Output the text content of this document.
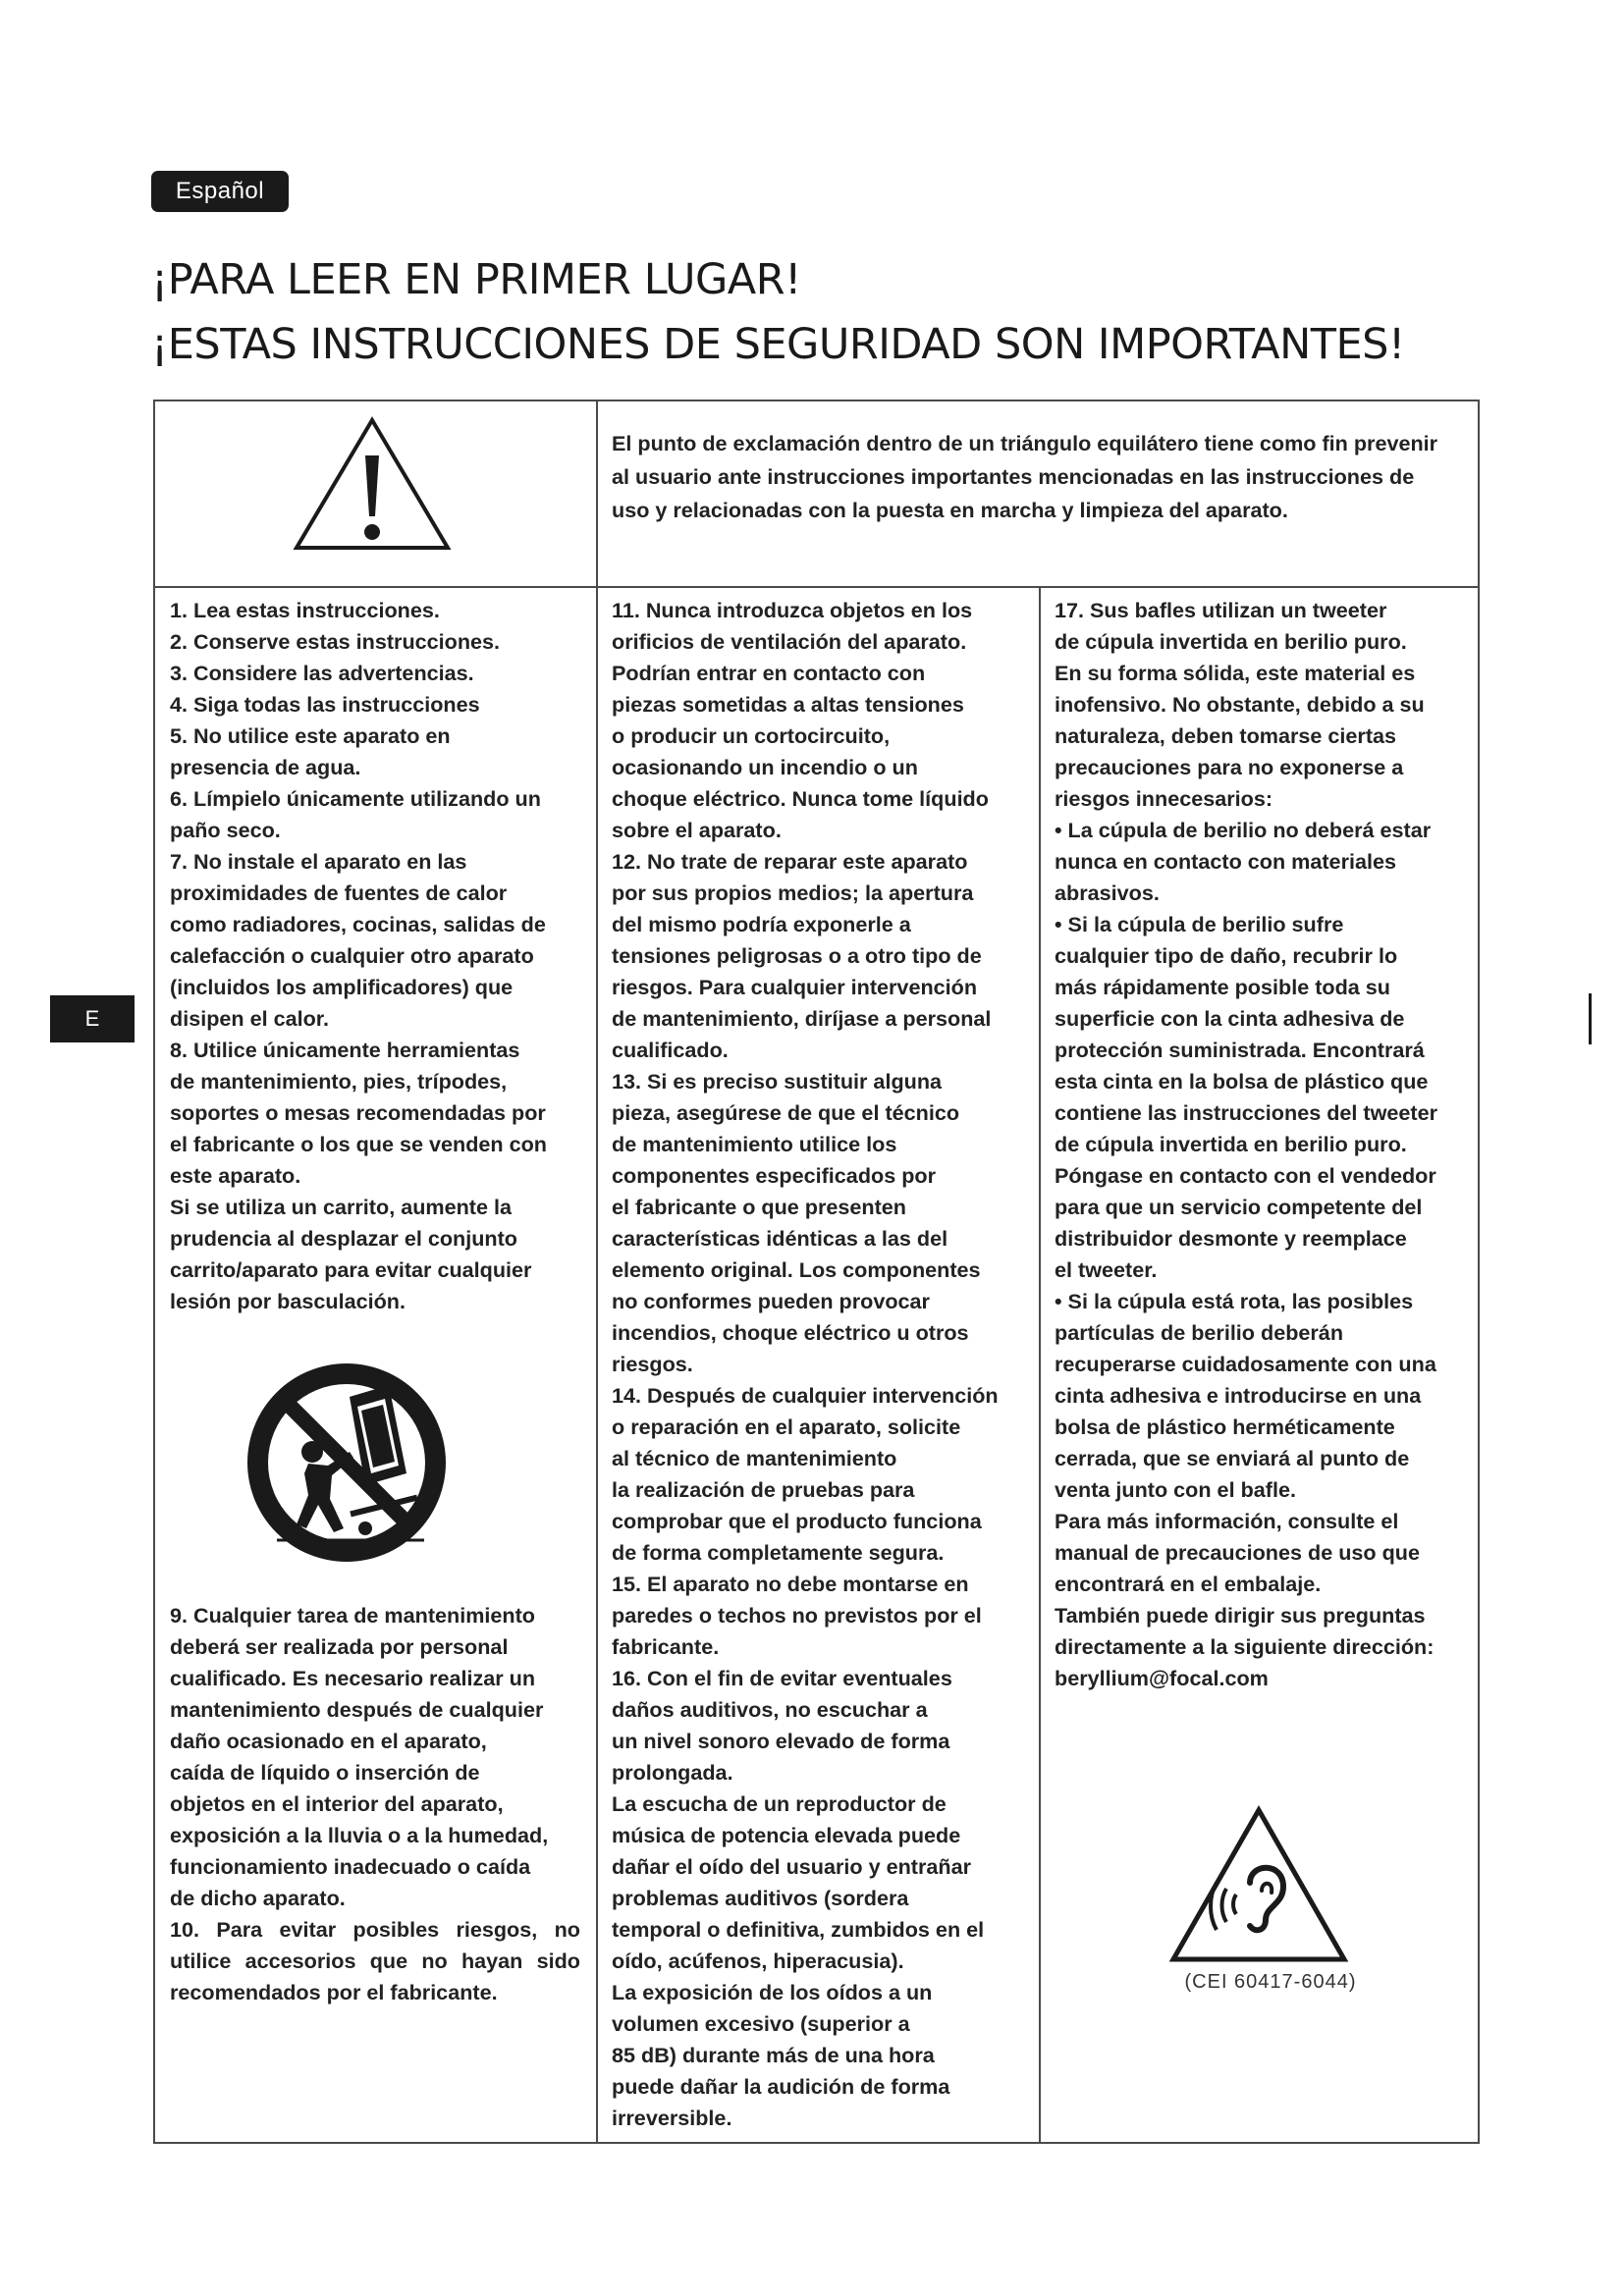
Español
¡PARA LEER EN PRIMER LUGAR!
¡ESTAS INSTRUCCIONES DE SEGURIDAD SON IMPORTANTES!
E
El punto de exclamación dentro de un triángulo equilátero tiene como fin prevenir al usuario ante instrucciones importantes mencionadas en las instrucciones de uso y relacionadas con la puesta en marcha y limpieza del aparato.

1. Lea estas instrucciones.

2. Conserve estas instrucciones.

3. Considere las advertencias.

4. Siga todas las instrucciones

5. No utilice este aparato en

presencia de agua.

6. Límpielo únicamente utilizando un

paño seco.

7. No instale el aparato en las

proximidades de fuentes de calor

como radiadores, cocinas, salidas de

calefacción o cualquier otro aparato

(incluidos los amplificadores) que

disipen el calor.

8. Utilice únicamente herramientas

de mantenimiento, pies, trípodes,

soportes o mesas recomendadas por

el fabricante o los que se venden con

este aparato.

Si se utiliza un carrito, aumente la

prudencia al desplazar el conjunto

carrito/aparato para evitar cualquier

lesión por basculación.

9. Cualquier tarea de mantenimiento

deberá ser realizada por personal

cualificado. Es necesario realizar un

mantenimiento después de cualquier

daño ocasionado en el aparato,

caída de líquido o inserción de

objetos en el interior del aparato,

exposición a la lluvia o a la humedad,

funcionamiento inadecuado o caída

de dicho aparato.

10. Para evitar posibles riesgos, no

utilice accesorios que no hayan sido

recomendados por el fabricante.

11. Nunca introduzca objetos en los

orificios de ventilación del aparato.

Podrían entrar en contacto con

piezas sometidas a altas tensiones

o producir un cortocircuito,

ocasionando un incendio o un

choque eléctrico. Nunca tome líquido

sobre el aparato.

12. No trate de reparar este aparato

por sus propios medios; la apertura

del mismo podría exponerle a

tensiones peligrosas o a otro tipo de

riesgos. Para cualquier intervención

de mantenimiento, diríjase a personal

cualificado.

13. Si es preciso sustituir alguna

pieza, asegúrese de que el técnico

de mantenimiento utilice los

componentes especificados por

el fabricante o que presenten

características idénticas a las del

elemento original. Los componentes

no conformes pueden provocar

incendios, choque eléctrico u otros

riesgos.

14. Después de cualquier intervención

o reparación en el aparato, solicite

al técnico de mantenimiento

la realización de pruebas para

comprobar que el producto funciona

de forma completamente segura.

15. El aparato no debe montarse en

paredes o techos no previstos por el

fabricante.

16. Con el fin de evitar eventuales

daños auditivos, no escuchar a

un nivel sonoro elevado de forma

prolongada.

La escucha de un reproductor de

música de potencia elevada puede

dañar el oído del usuario y entrañar

problemas auditivos (sordera

temporal o definitiva, zumbidos en el

oído, acúfenos, hiperacusia).

La exposición de los oídos a un

volumen excesivo (superior a

85 dB) durante más de una hora

puede dañar la audición de forma

irreversible.

17. Sus bafles utilizan un tweeter

de cúpula invertida en berilio puro.

En su forma sólida, este material es

inofensivo. No obstante, debido a su

naturaleza, deben tomarse ciertas

precauciones para no exponerse a

riesgos innecesarios:

• La cúpula de berilio no deberá estar

nunca en contacto con materiales

abrasivos.

• Si la cúpula de berilio sufre

cualquier tipo de daño, recubrir lo

más rápidamente posible toda su

superficie con la cinta adhesiva de

protección suministrada. Encontrará

esta cinta en la bolsa de plástico que

contiene las instrucciones del tweeter

de cúpula invertida en berilio puro.

Póngase en contacto con el vendedor

para que un servicio competente del

distribuidor desmonte y reemplace

el tweeter.

• Si la cúpula está rota, las posibles

partículas de berilio deberán

recuperarse cuidadosamente con una

cinta adhesiva e introducirse en una

bolsa de plástico herméticamente

cerrada, que se enviará al punto de

venta junto con el bafle.

Para más información, consulte el

manual de precauciones de uso que

encontrará en el embalaje.

También puede dirigir sus preguntas

directamente a la siguiente dirección:

beryllium@focal.com

(CEI 60417-6044)
